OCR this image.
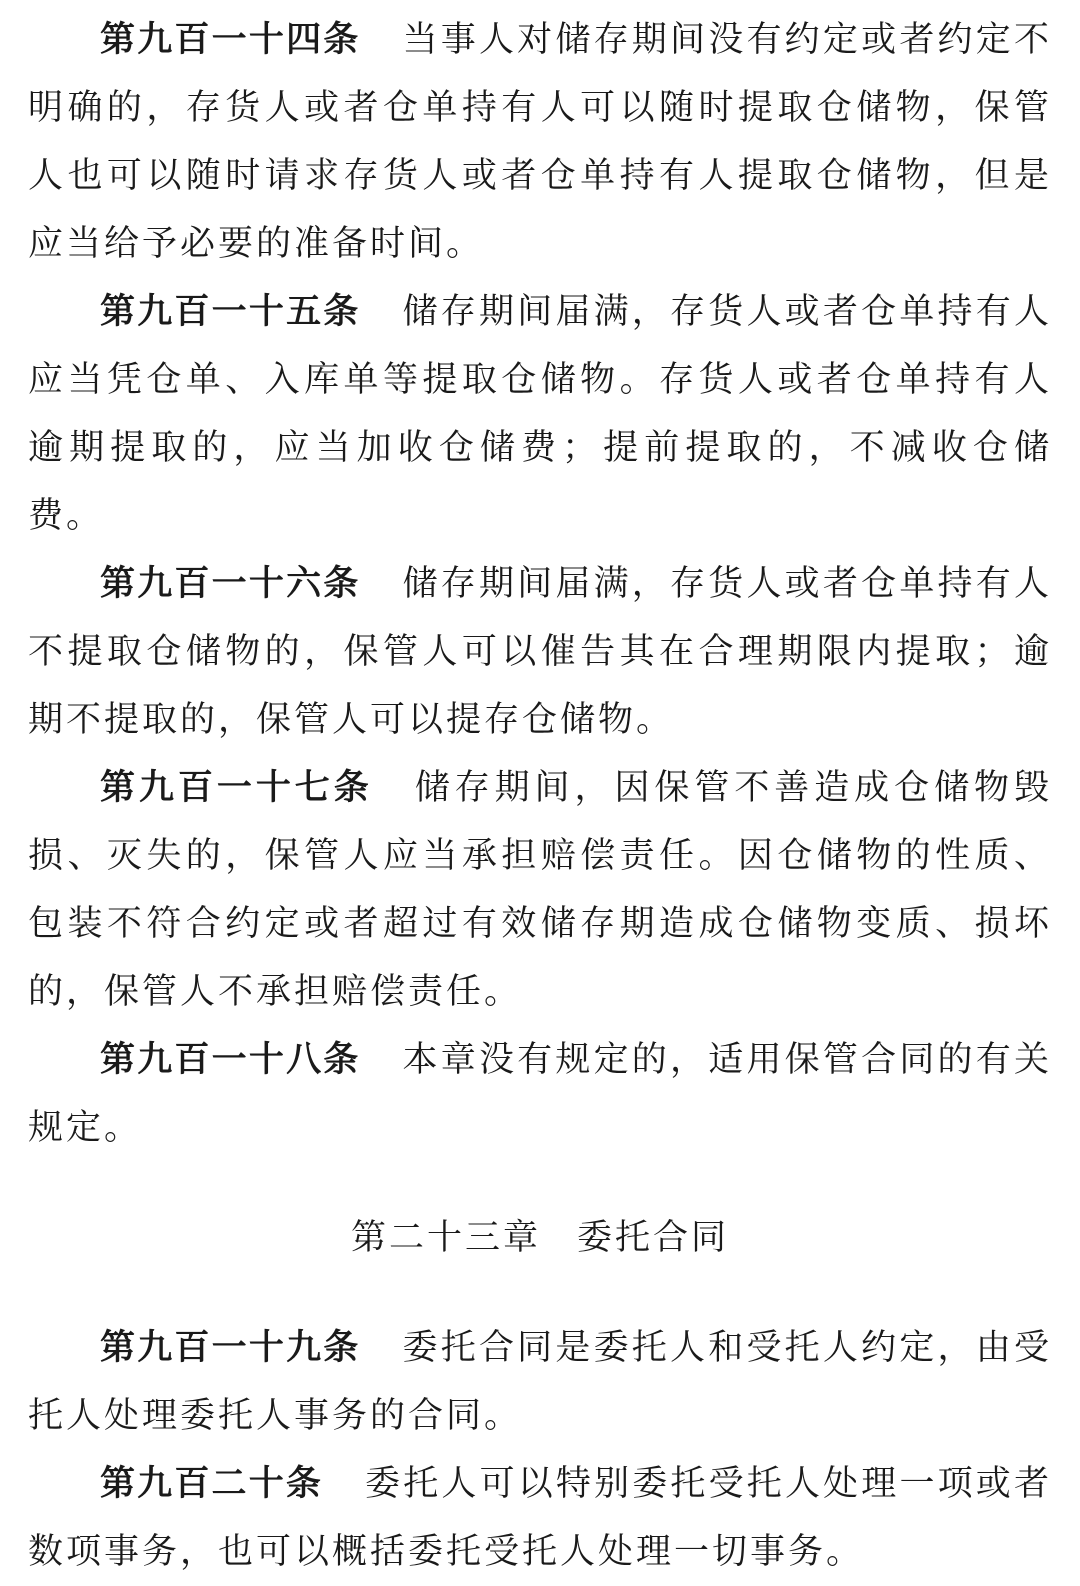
第九百一十四条 当事人对储存期间没有约定或者约定不明确的，存货人或者仓单持有人可以随时提取仓储物，保管人也可以随时请求存货人或者仓单持有人提取仓储物，但是应当给予必要的准备时间。

第九百一十五条 储存期间届满，存货人或者仓单持有人应当凭仓单、入库单等提取仓储物。存货人或者仓单持有人逾期提取的，应当加收仓储费；提前提取的，不减收仓储费。

第九百一十六条 储存期间届满，存货人或者仓单持有人不提取仓储物的，保管人可以催告其在合理期限内提取；逾期不提取的，保管人可以提存仓储物。

第九百一十七条 储存期间，因保管不善造成仓储物毁损、灭失的，保管人应当承担赔偿责任。因仓储物的性质、包装不符合约定或者超过有效储存期造成仓储物变质、损坏的，保管人不承担赔偿责任。

第九百一十八条 本章没有规定的，适用保管合同的有关规定。

第二十三章 委托合同

第九百一十九条 委托合同是委托人和受托人约定，由受托人处理委托人事务的合同。

第九百二十条 委托人可以特别委托受托人处理一项或者数项事务，也可以概括委托受托人处理一切事务。
